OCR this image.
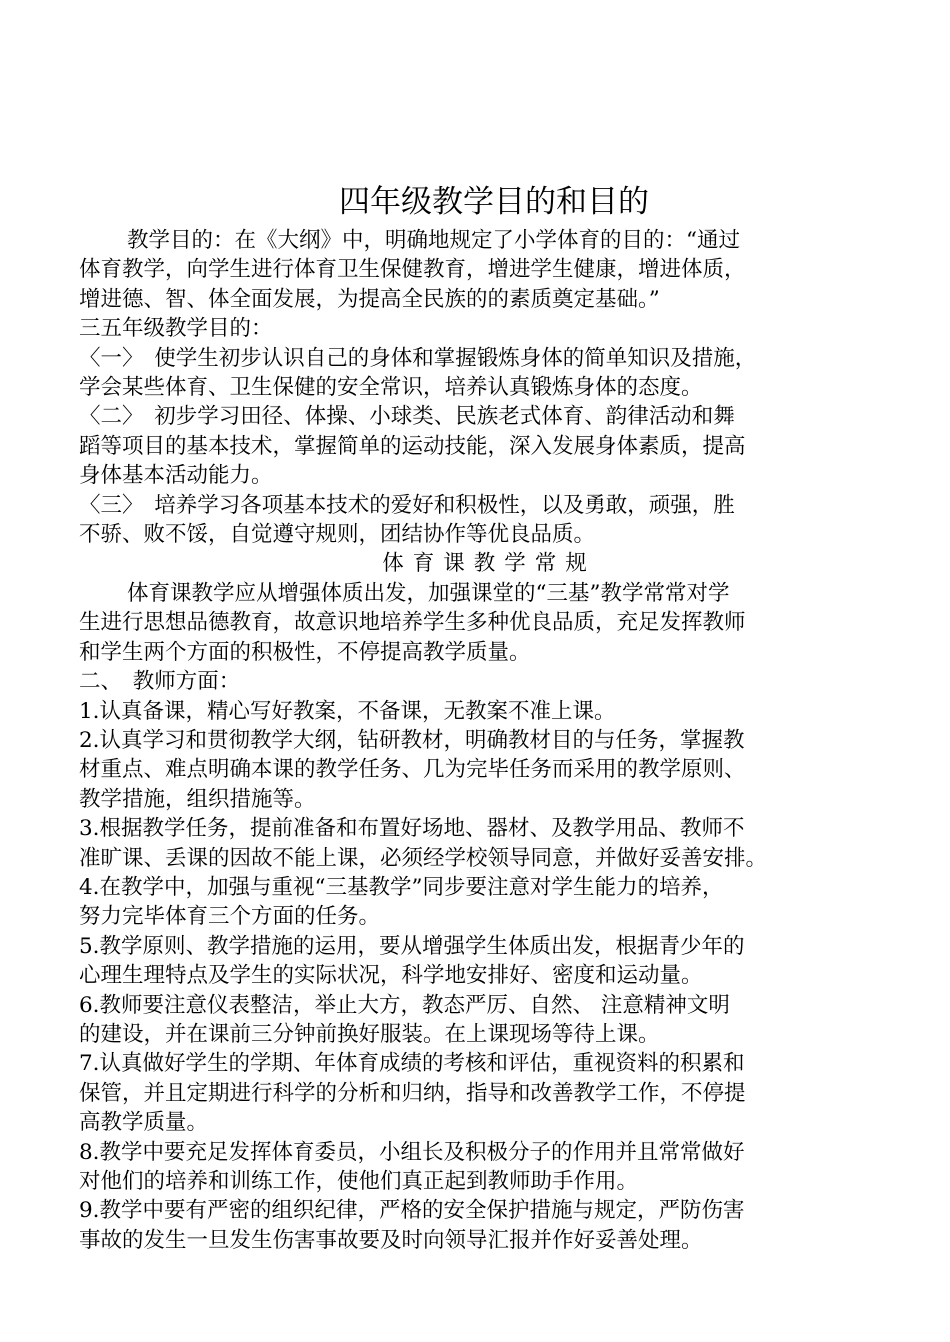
四年级教学目的和目的

教学目的：在《大纲》中，明确地规定了小学体育的目的：“通过

体育教学，向学生进行体育卫生保健教育，增进学生健康，增进体质，

增进德、智、体全面发展，为提高全民族的的素质奠定基础。”

三五年级教学目的：

〈一〉　使学生初步认识自己的身体和掌握锻炼身体的简单知识及措施，

学会某些体育、卫生保健的安全常识，培养认真锻炼身体的态度。

〈二〉　初步学习田径、体操、小球类、民族老式体育、韵律活动和舞

蹈等项目的基本技术，掌握简单的运动技能，深入发展身体素质，提高

身体基本活动能力。

〈三〉　培养学习各项基本技术的爱好和积极性，以及勇敢，顽强，胜

不骄、败不馁，自觉遵守规则，团结协作等优良品质。

体育课教学常规

体育课教学应从增强体质出发，加强课堂的“三基”教学常常对学

生进行思想品德教育，故意识地培养学生多种优良品质，充足发挥教师

和学生两个方面的积极性，不停提高教学质量。

二、　教师方面：

1.认真备课，精心写好教案，不备课，无教案不准上课。

2.认真学习和贯彻教学大纲，钻研教材，明确教材目的与任务，掌握教

材重点、难点明确本课的教学任务、几为完毕任务而采用的教学原则、

教学措施，组织措施等。

3.根据教学任务，提前准备和布置好场地、器材、及教学用品、教师不

准旷课、丢课的因故不能上课，必须经学校领导同意，并做好妥善安排。

4.在教学中，加强与重视“三基教学”同步要注意对学生能力的培养，

努力完毕体育三个方面的任务。

5.教学原则、教学措施的运用，要从增强学生体质出发，根据青少年的

心理生理特点及学生的实际状况，科学地安排好、密度和运动量。

6.教师要注意仪表整洁，举止大方，教态严厉、自然、 注意精神文明

的建设，并在课前三分钟前换好服装。在上课现场等待上课。

7.认真做好学生的学期、年体育成绩的考核和评估，重视资料的积累和

保管，并且定期进行科学的分析和归纳，指导和改善教学工作，不停提

高教学质量。

8.教学中要充足发挥体育委员，小组长及积极分子的作用并且常常做好

对他们的培养和训练工作，使他们真正起到教师助手作用。

9.教学中要有严密的组织纪律，严格的安全保护措施与规定，严防伤害

事故的发生一旦发生伤害事故要及时向领导汇报并作好妥善处理。
